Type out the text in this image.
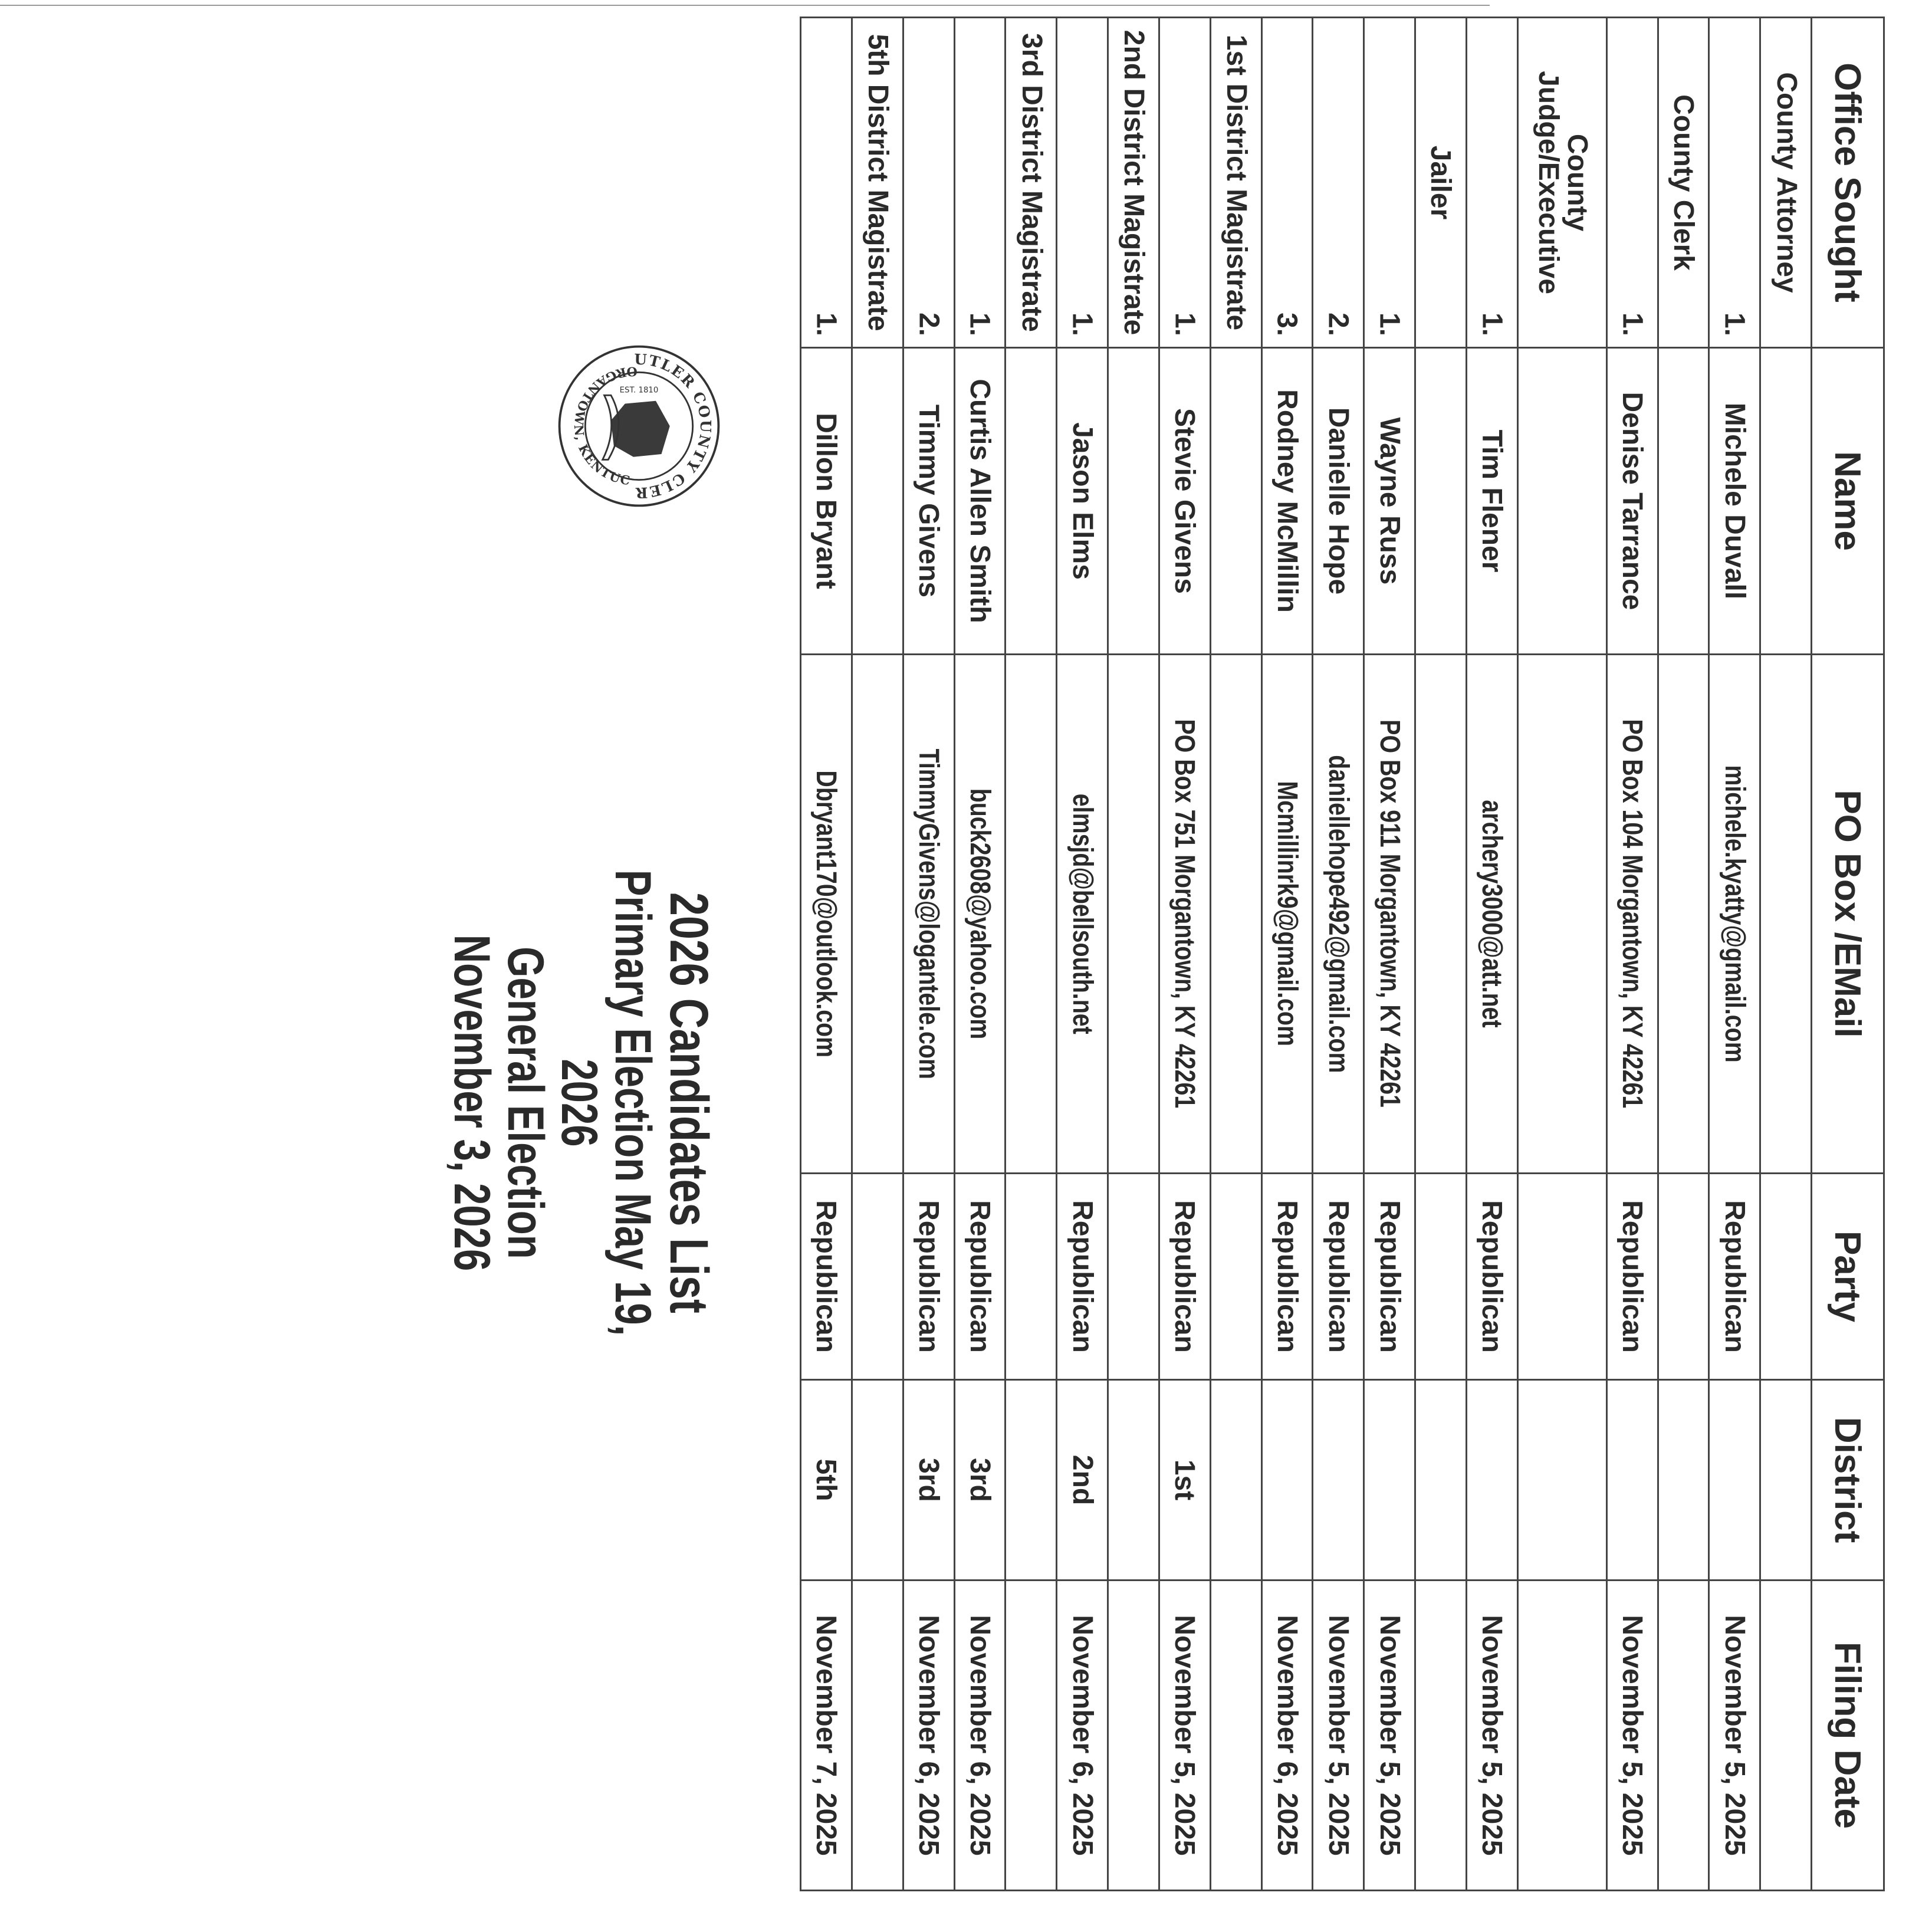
UTLER COUNTY CLER
ORGANTOWN, KENTUC
EST. 1810
2026 Candidates List
Primary Election May 19, 2026
General Election November 3, 2026
Office Sought	Name	PO Box /EMail	Party	District	Filing Date

County Attorney					

1.	Michele Duvall	michele.kyatty@gmail.com	Republican		November 5, 2025

County Clerk					

1.	Denise Tarrance	PO Box 104 Morgantown, KY 42261	Republican		November 5, 2025

County Judge/Executive					

1.	Tim Flener	archery3000@att.net	Republican		November 5, 2025

Jailer					

1.	Wayne Russ	PO Box 911 Morgantown, KY 42261	Republican		November 5, 2025

2.	Danielle Hope	daniellehope492@gmail.com	Republican		November 5, 2025

3.	Rodney McMillin	Mcmillinrk9@gmail.com	Republican		November 6, 2025

1st District Magistrate					

1.	Stevie Givens	PO Box 751 Morgantown, KY 42261	Republican	1st	November 5, 2025

2nd District Magistrate					

1.	Jason Elms	elmsjd@bellsouth.net	Republican	2nd	November 6, 2025

3rd District Magistrate					

1.	Curtis Allen Smith	buck2608@yahoo.com	Republican	3rd	November 6, 2025

2.	Timmy Givens	TimmyGivens@logantele.com	Republican	3rd	November 6, 2025

5th District Magistrate					

1.	Dillon Bryant	Dbryant170@outlook.com	Republican	5th	November 7, 2025
